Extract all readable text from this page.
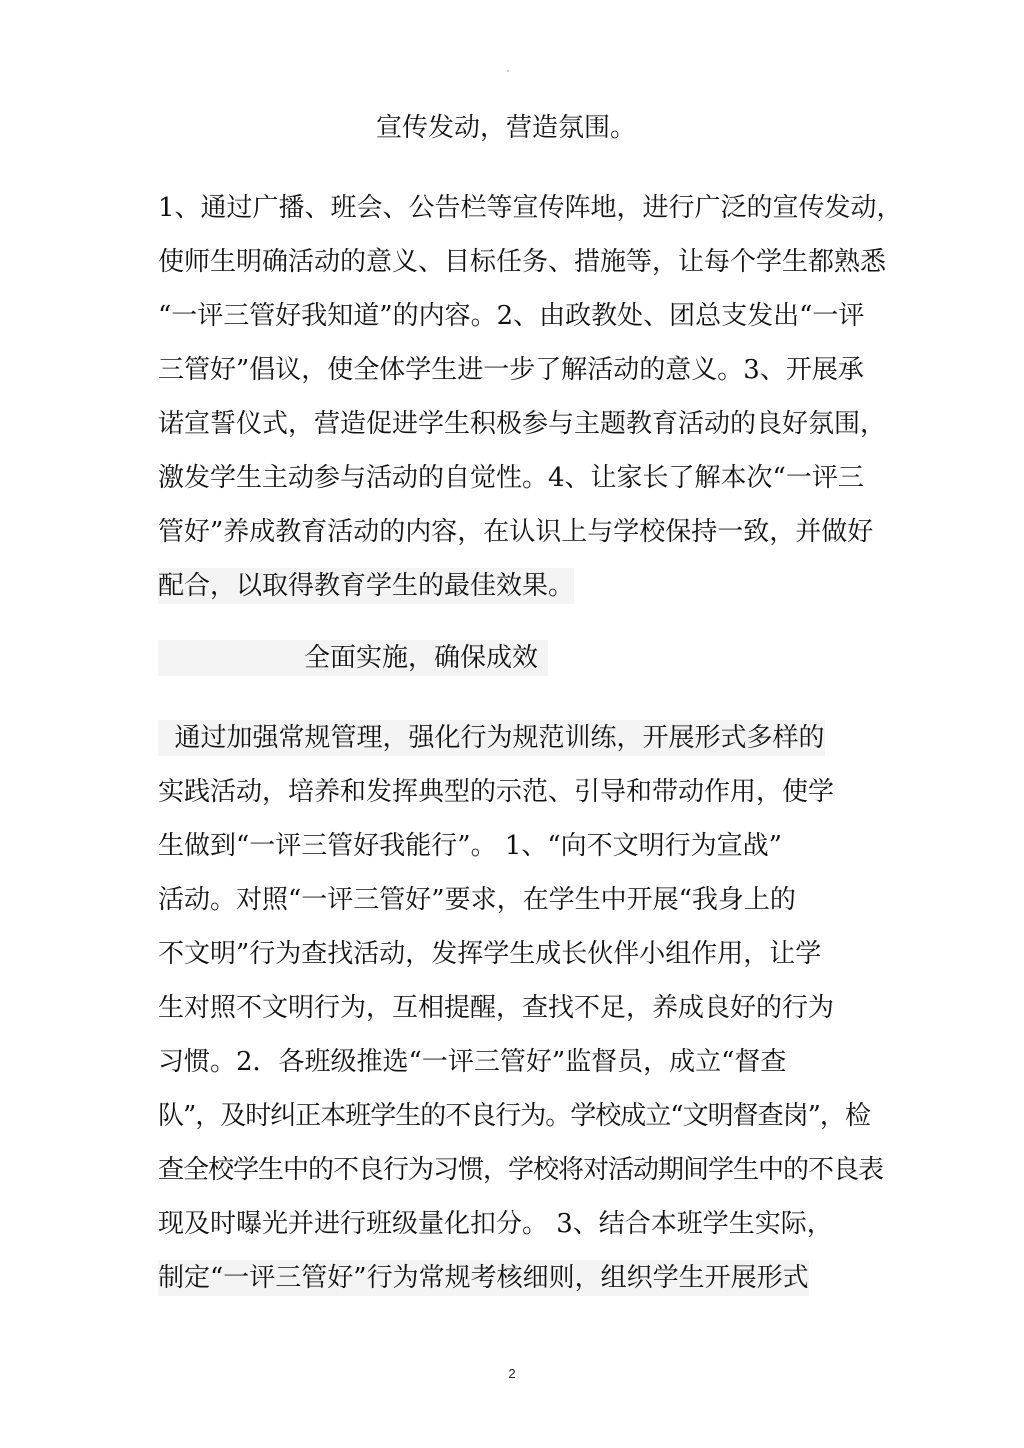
宣传发动，营造氛围。
1、通过广播、班会、公告栏等宣传阵地，进行广泛的宣传发动，
使师生明确活动的意义、目标任务、措施等，让每个学生都熟悉
“一评三管好我知道”的内容。2、由政教处、团总支发出“一评
三管好”倡议，使全体学生进一步了解活动的意义。3、开展承
诺宣誓仪式，营造促进学生积极参与主题教育活动的良好氛围，
激发学生主动参与活动的自觉性。4、让家长了解本次“一评三
管好”养成教育活动的内容，在认识上与学校保持一致，并做好
配合，以取得教育学生的最佳效果。
全面实施，确保成效
通过加强常规管理，强化行为规范训练，开展形式多样的
实践活动，培养和发挥典型的示范、引导和带动作用，使学
生做到“一评三管好我能行”。 1、“向不文明行为宣战”
活动。对照“一评三管好”要求，在学生中开展“我身上的
不文明”行为查找活动，发挥学生成长伙伴小组作用，让学
生对照不文明行为，互相提醒，查找不足，养成良好的行为
习惯。2．各班级推选“一评三管好”监督员，成立“督查
队”，及时纠正本班学生的不良行为。学校成立“文明督查岗”，检
查全校学生中的不良行为习惯，学校将对活动期间学生中的不良表
现及时曝光并进行班级量化扣分。 3、结合本班学生实际，
制定“一评三管好”行为常规考核细则，组织学生开展形式
2
